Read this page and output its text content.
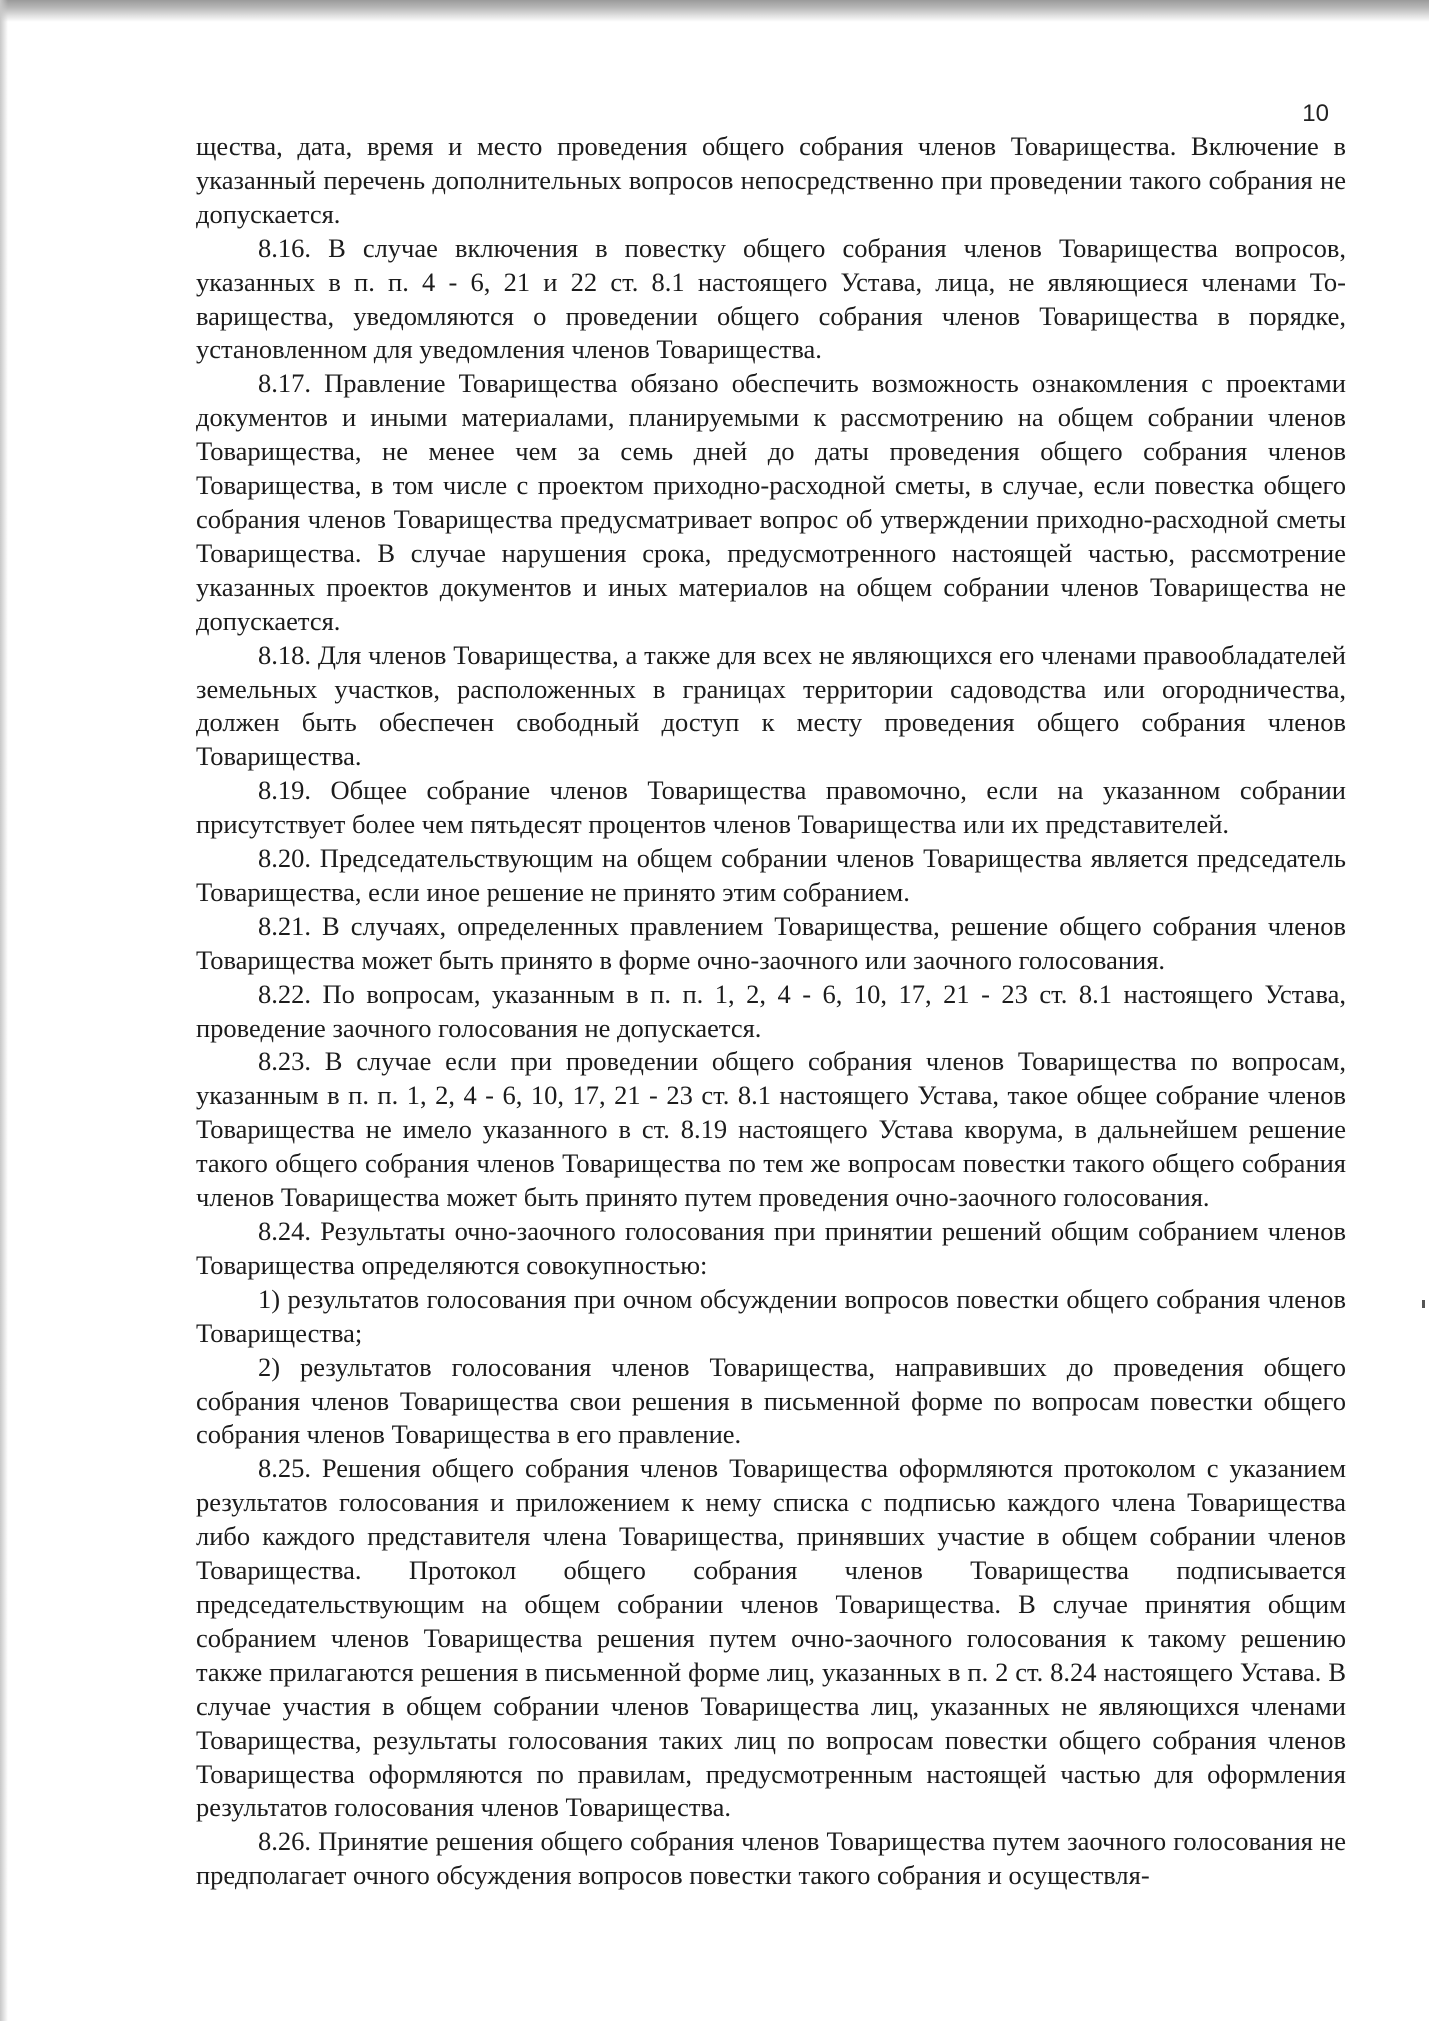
10

щества, дата, время и место проведения общего собрания членов Товарищества. Включение в указанный перечень дополнительных вопросов непосредственно при проведении такого собрания не допускается.

8.16. В случае включения в повестку общего собрания членов Товарищества вопросов, указанных в п. п. 4 - 6, 21 и 22 ст. 8.1 настоящего Устава, лица, не являющиеся членами Товарищества, уведомляются о проведении общего собрания членов Товарищества в порядке, установленном для уведомления членов Товарищества.

8.17. Правление Товарищества обязано обеспечить возможность ознакомления с проектами документов и иными материалами, планируемыми к рассмотрению на общем собрании членов Товарищества, не менее чем за семь дней до даты проведения общего собрания членов Товарищества, в том числе с проектом приходно-расходной сметы, в случае, если повестка общего собрания членов Товарищества предусматривает вопрос об утверждении приходно-расходной сметы Товарищества. В случае нарушения срока, предусмотренного настоящей частью, рассмотрение указанных проектов документов и иных материалов на общем собрании членов Товарищества не допускается.

8.18. Для членов Товарищества, а также для всех не являющихся его членами правообладателей земельных участков, расположенных в границах территории садоводства или огородничества, должен быть обеспечен свободный доступ к месту проведения общего собрания членов Товарищества.

8.19. Общее собрание членов Товарищества правомочно, если на указанном собрании присутствует более чем пятьдесят процентов членов Товарищества или их представителей.

8.20. Председательствующим на общем собрании членов Товарищества является председатель Товарищества, если иное решение не принято этим собранием.

8.21. В случаях, определенных правлением Товарищества, решение общего собрания членов Товарищества может быть принято в форме очно-заочного или заочного голосования.

8.22. По вопросам, указанным в п. п. 1, 2, 4 - 6, 10, 17, 21 - 23 ст. 8.1 настоящего Устава, проведение заочного голосования не допускается.

8.23. В случае если при проведении общего собрания членов Товарищества по вопросам, указанным в п. п. 1, 2, 4 - 6, 10, 17, 21 - 23 ст. 8.1 настоящего Устава, такое общее собрание членов Товарищества не имело указанного в ст. 8.19 настоящего Устава кворума, в дальнейшем решение такого общего собрания членов Товарищества по тем же вопросам повестки такого общего собрания членов Товарищества может быть принято путем проведения очно-заочного голосования.

8.24. Результаты очно-заочного голосования при принятии решений общим собранием членов Товарищества определяются совокупностью:

1) результатов голосования при очном обсуждении вопросов повестки общего собрания членов Товарищества;

2) результатов голосования членов Товарищества, направивших до проведения общего собрания членов Товарищества свои решения в письменной форме по вопросам повестки общего собрания членов Товарищества в его правление.

8.25. Решения общего собрания членов Товарищества оформляются протоколом с указанием результатов голосования и приложением к нему списка с подписью каждого члена Товарищества либо каждого представителя члена Товарищества, принявших участие в общем собрании членов Товарищества. Протокол общего собрания членов Товарищества подписывается председательствующим на общем собрании членов Товарищества. В случае принятия общим собранием членов Товарищества решения путем очно-заочного голосования к такому решению также прилагаются решения в письменной форме лиц, указанных в п. 2 ст. 8.24 настоящего Устава. В случае участия в общем собрании членов Товарищества лиц, указанных не являющихся членами Товарищества, результаты голосования таких лиц по вопросам повестки общего собрания членов Товарищества оформляются по правилам, предусмотренным настоящей частью для оформления результатов голосования членов Товарищества.

8.26. Принятие решения общего собрания членов Товарищества путем заочного голосования не предполагает очного обсуждения вопросов повестки такого собрания и осуществля-
